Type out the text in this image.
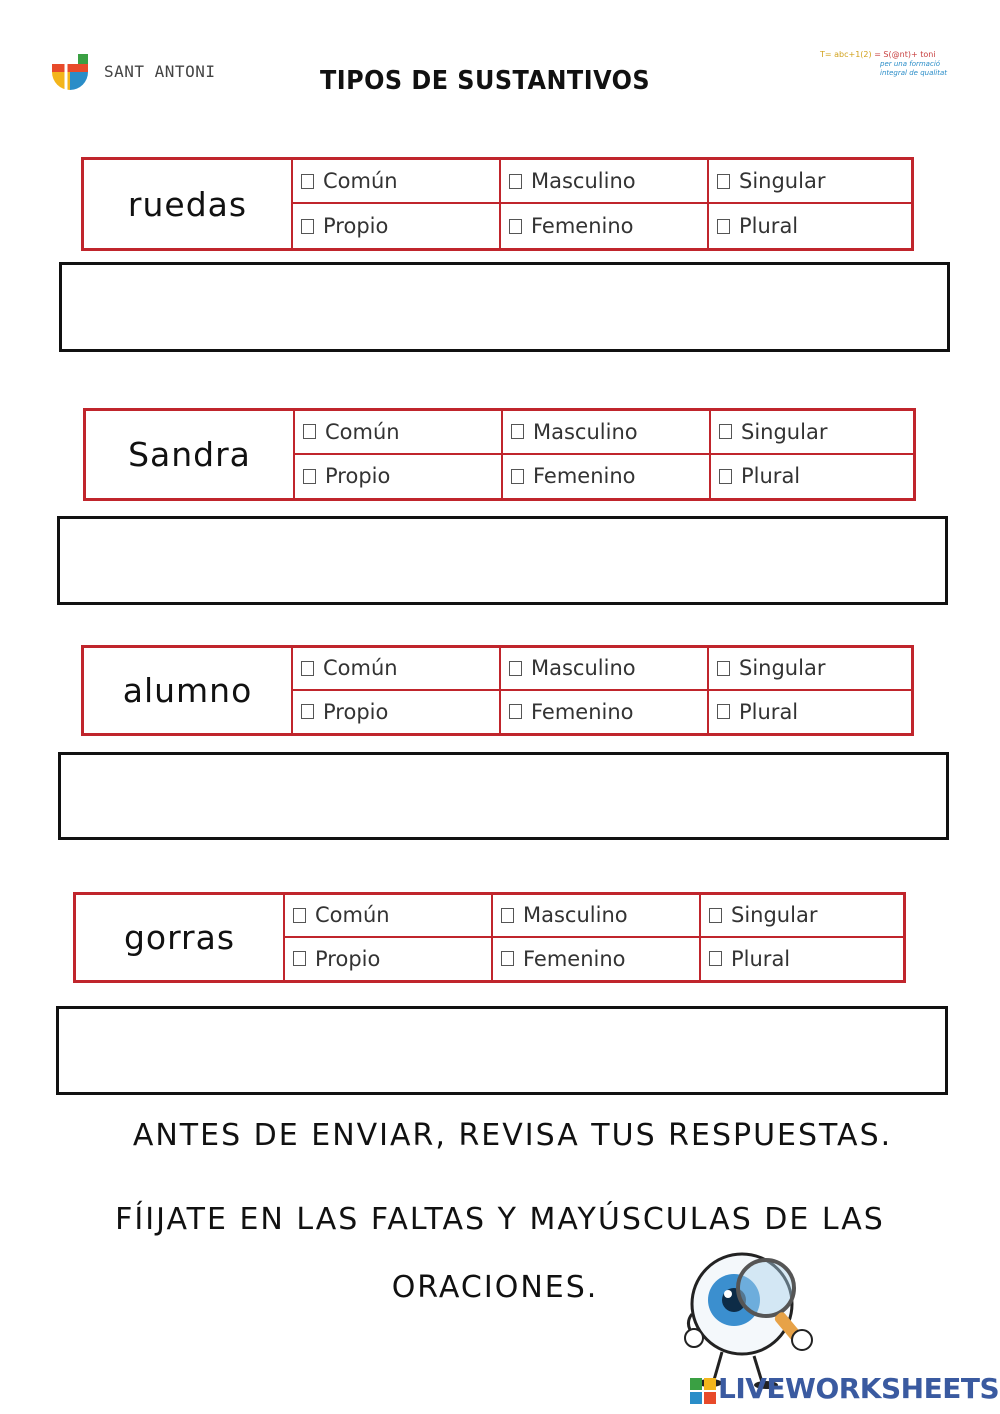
SANT ANTONI	TIPOS DE SUSTANTIVOS
T= abc+1(2) = S(@nt)+ toni
per una formació integral de qualitat
ruedas
Común	Masculino	Singular
Propio	Femenino	Plural
Sandra
Común	Masculino	Singular
Propio	Femenino	Plural
alumno
Común	Masculino	Singular
Propio	Femenino	Plural
gorras
Común	Masculino	Singular
Propio	Femenino	Plural
ANTES DE ENVIAR, REVISA TUS RESPUESTAS.
FÍIJATE EN LAS FALTAS Y MAYÚSCULAS DE LAS
ORACIONES.
LIVEWORKSHEETS
